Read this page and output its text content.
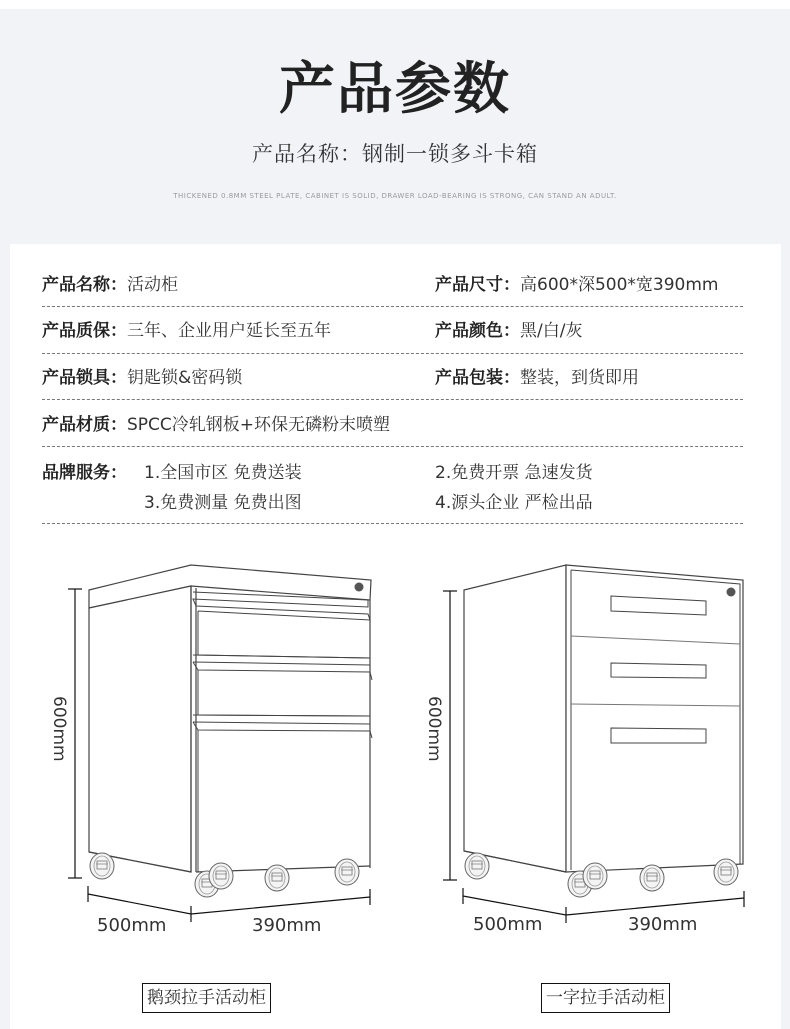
产品参数
产品名称：钢制一锁多斗卡箱
THICKENED 0.8MM STEEL PLATE, CABINET IS SOLID, DRAWER LOAD-BEARING IS STRONG, CAN STAND AN ADULT.
产品名称：活动柜	产品尺寸：高600*深500*宽390mm
产品质保：三年、企业用户延长至五年	产品颜色：黑/白/灰
产品锁具：钥匙锁&密码锁	产品包装：整装，到货即用
产品材质：SPCC冷轧钢板+环保无磷粉末喷塑
品牌服务： 1.全国市区 免费送装	2.免费开票 急速发货
3.免费测量 免费出图	4.源头企业 严检出品
600mm
500mm	390mm
600mm
500mm	390mm
鹅颈拉手活动柜	一字拉手活动柜
